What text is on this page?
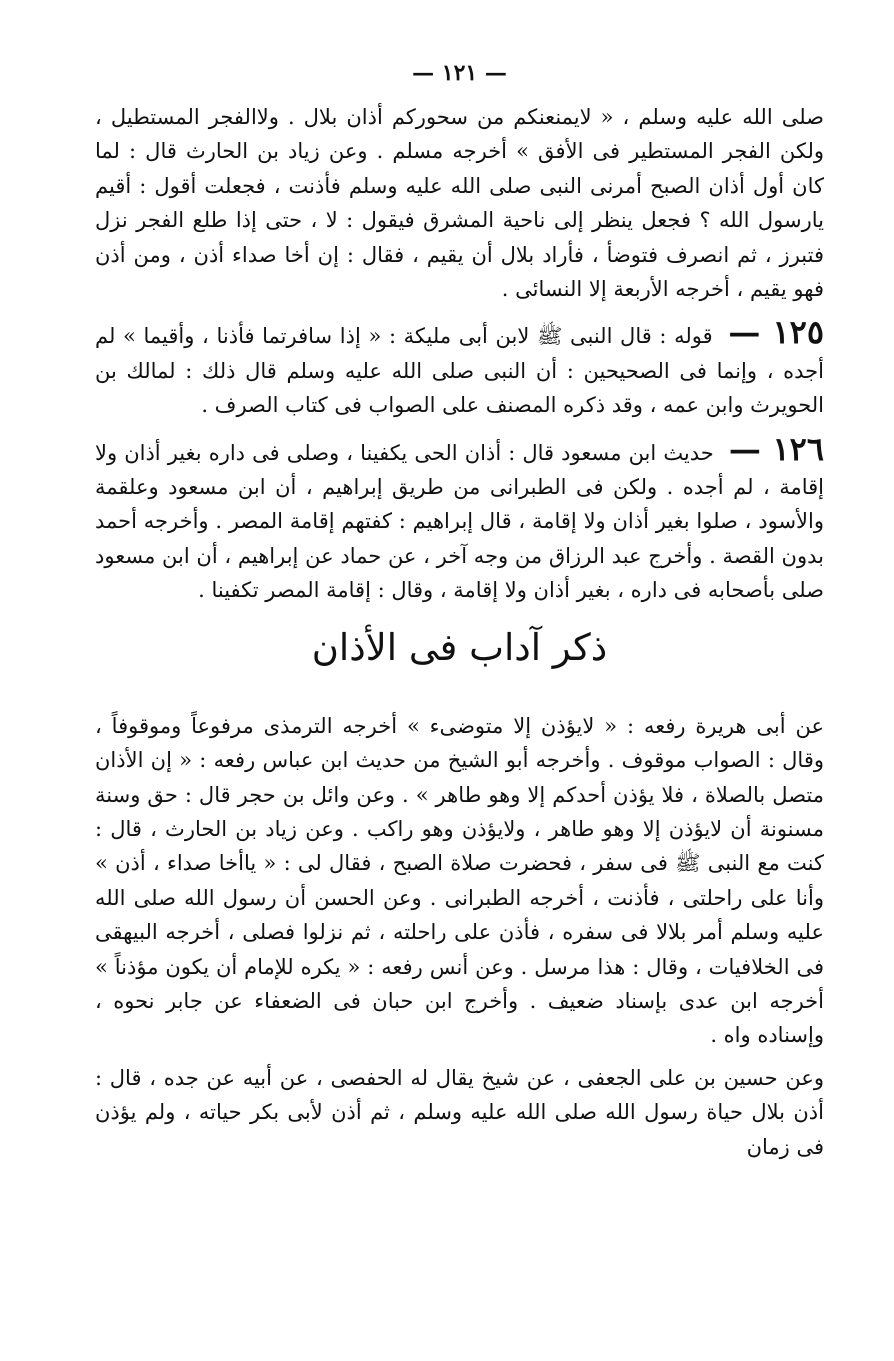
— ١٢١ —

صلى الله عليه وسلم ، « لايمنعنكم من سحوركم أذان بلال . ولاالفجر المستطيل ، ولكن الفجر المستطير فى الأفق » أخرجه مسلم . وعن زياد بن الحارث قال : لما كان أول أذان الصبح أمرنى النبى صلى الله عليه وسلم فأذنت ، فجعلت أقول : أقيم يارسول الله ؟ فجعل ينظر إلى ناحية المشرق فيقول : لا ، حتى إذا طلع الفجر نزل فتبرز ، ثم انصرف فتوضأ ، فأراد بلال أن يقيم ، فقال : إن أخا صداء أذن ، ومن أذن فهو يقيم ، أخرجه الأربعة إلا النسائى .

١٢٥ — قوله : قال النبى ﷺ لابن أبى مليكة : « إذا سافرتما فأذنا ، وأقيما » لم أجده ، وإنما فى الصحيحين : أن النبى صلى الله عليه وسلم قال ذلك : لمالك بن الحويرث وابن عمه ، وقد ذكره المصنف على الصواب فى كتاب الصرف .

١٢٦ — حديث ابن مسعود قال : أذان الحى يكفينا ، وصلى فى داره بغير أذان ولا إقامة ، لم أجده . ولكن فى الطبرانى من طريق إبراهيم ، أن ابن مسعود وعلقمة والأسود ، صلوا بغير أذان ولا إقامة ، قال إبراهيم : كفتهم إقامة المصر . وأخرجه أحمد بدون القصة . وأخرج عبد الرزاق من وجه آخر ، عن حماد عن إبراهيم ، أن ابن مسعود صلى بأصحابه فى داره ، بغير أذان ولا إقامة ، وقال : إقامة المصر تكفينا .

ذكر آداب فى الأذان

عن أبى هريرة رفعه : « لايؤذن إلا متوضىء » أخرجه الترمذى مرفوعاً وموقوفاً ، وقال : الصواب موقوف . وأخرجه أبو الشيخ من حديث ابن عباس رفعه : « إن الأذان متصل بالصلاة ، فلا يؤذن أحدكم إلا وهو طاهر » . وعن وائل بن حجر قال : حق وسنة مسنونة أن لايؤذن إلا وهو طاهر ، ولايؤذن وهو راكب . وعن زياد بن الحارث ، قال : كنت مع النبى ﷺ فى سفر ، فحضرت صلاة الصبح ، فقال لى : « ياأخا صداء ، أذن » وأنا على راحلتى ، فأذنت ، أخرجه الطبرانى . وعن الحسن أن رسول الله صلى الله عليه وسلم أمر بلالا فى سفره ، فأذن على راحلته ، ثم نزلوا فصلى ، أخرجه البيهقى فى الخلافيات ، وقال : هذا مرسل . وعن أنس رفعه : « يكره للإمام أن يكون مؤذناً » أخرجه ابن عدى بإسناد ضعيف . وأخرج ابن حبان فى الضعفاء عن جابر نحوه ، وإسناده واه .

وعن حسين بن على الجعفى ، عن شيخ يقال له الحفصى ، عن أبيه عن جده ، قال : أذن بلال حياة رسول الله صلى الله عليه وسلم ، ثم أذن لأبى بكر حياته ، ولم يؤذن فى زمان
